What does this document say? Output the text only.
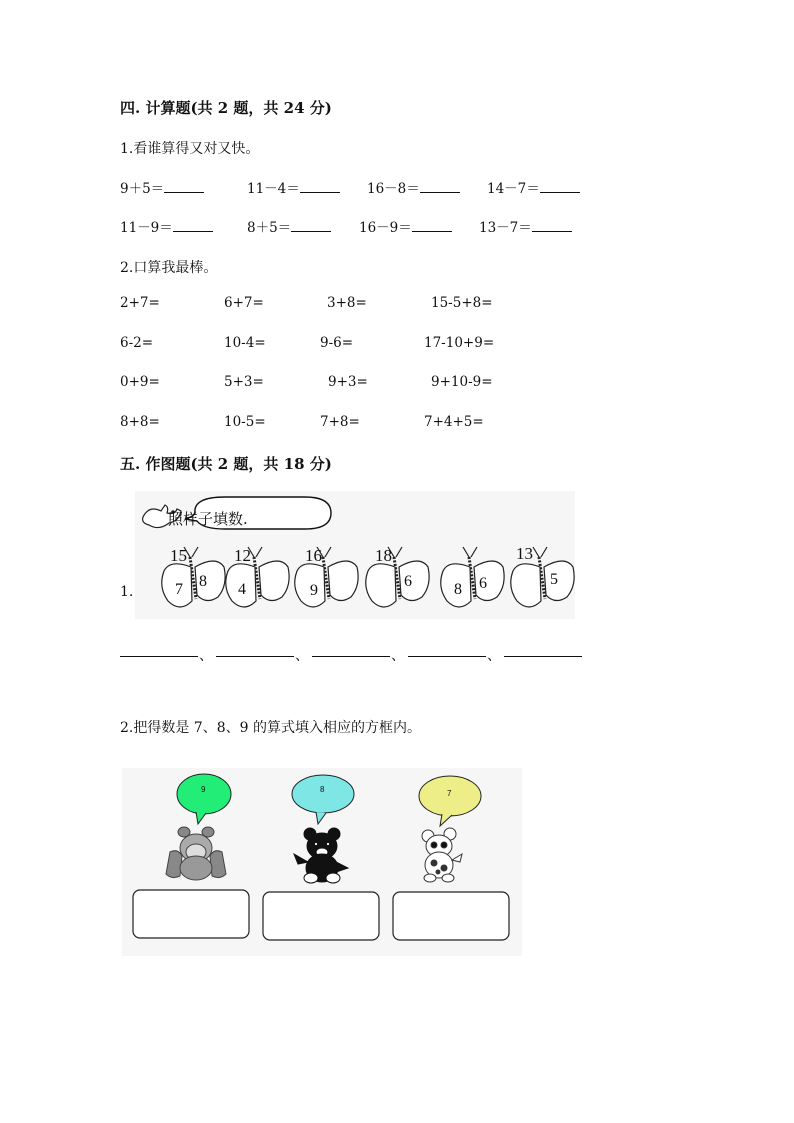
四. 计算题(共 2 题，共 24 分)
1.看谁算得又对又快。
9＋5＝	11－4＝	16－8＝	14－7＝
11－9＝	8＋5＝	16－9＝	13－7＝
2.口算我最棒。
2+7=	6+7=	3+8=	15-5+8=
6-2=	10-4=	9-6=	17-10+9=
0+9=	5+3=	9+3=	9+10-9=
8+8=	10-5=	7+8=	7+4+5=
五. 作图题(共 2 题，共 18 分)
照样子填数.
1.
15
7 8
12
4
16
9
18
6	8 6
13
5
、	、	、	、
2.把得数是 7、8、9 的算式填入相应的方框内。
9	8	7
